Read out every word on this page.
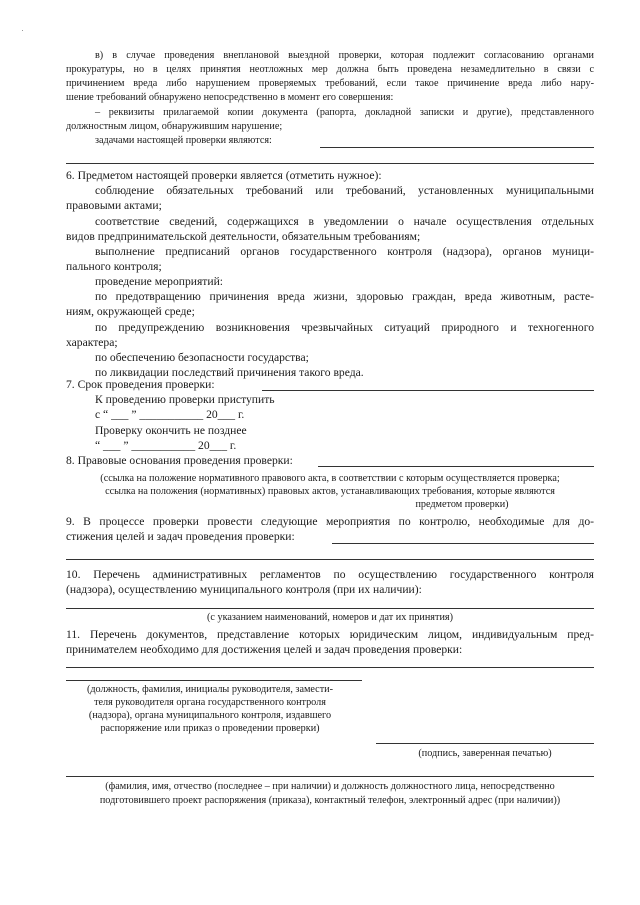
в) в случае проведения внеплановой выездной проверки, которая подлежит согласованию органами
прокуратуры, но в целях принятия неотложных мер должна быть проведена незамедлительно в связи с
причинением вреда либо нарушением проверяемых требований, если такое причинение вреда либо нару-
шение требований обнаружено непосредственно в момент его совершения:
– реквизиты прилагаемой копии документа (рапорта, докладной записки и другие), представленного
должностным лицом, обнаружившим нарушение;
задачами настоящей проверки являются:
6. Предметом настоящей проверки является (отметить нужное):
соблюдение обязательных требований или требований, установленных муниципальными
правовыми актами;
соответствие сведений, содержащихся в уведомлении о начале осуществления отдельных
видов предпринимательской деятельности, обязательным требованиям;
выполнение предписаний органов государственного контроля (надзора), органов муници-
пального контроля;
проведение мероприятий:
по предотвращению причинения вреда жизни, здоровью граждан, вреда животным, расте-
ниям, окружающей среде;
по предупреждению возникновения чрезвычайных ситуаций природного и техногенного
характера;
по обеспечению безопасности государства;
по ликвидации последствий причинения такого вреда.
7. Срок проведения проверки:
К проведению проверки приступить
с “ ___ ” ___________ 20___ г.
Проверку окончить не позднее
“ ___ ” ___________ 20___ г.
8. Правовые основания проведения проверки:
(ссылка на положение нормативного правового акта, в соответствии с которым осуществляется проверка;
ссылка на положения (нормативных) правовых актов, устанавливающих требования, которые являются
предметом проверки)
9. В процессе проверки провести следующие мероприятия по контролю, необходимые для до-
стижения целей и задач проведения проверки:
10. Перечень административных регламентов по осуществлению государственного контроля
(надзора), осуществлению муниципального контроля (при их наличии):
(с указанием наименований, номеров и дат их принятия)
11. Перечень документов, представление которых юридическим лицом, индивидуальным пред-
принимателем необходимо для достижения целей и задач проведения проверки:
(должность, фамилия, инициалы руководителя, замести-
теля руководителя органа государственного контроля
(надзора), органа муниципального контроля, издавшего
распоряжение или приказ о проведении проверки)
(подпись, заверенная печатью)
(фамилия, имя, отчество (последнее – при наличии) и должность должностного лица, непосредственно
подготовившего проект распоряжения (приказа), контактный телефон, электронный адрес (при наличии))
